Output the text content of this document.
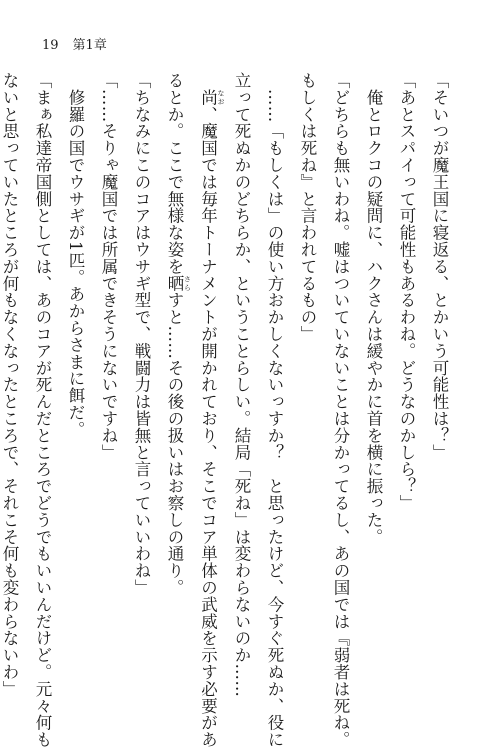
19 第1章
「そいつが魔王国に寝返る、とかいう可能性は？」
「あとスパイって可能性もあるわね。どうなのかしら？」
　俺とロクコの疑問に、ハクさんは緩やかに首を横に振った。
「どちらも無いわね。嘘はついていないことは分かってるし、あの国では『弱者は死ね。
もしくは死ね』と言われてるもの」
　……「もしくは」の使い方おかしくないっすか？　と思ったけど、今すぐ死ぬか、役に
立って死ぬかのどちらか、ということらしい。結局「死ね」は変わらないのか……
　尚 なお、魔国では毎年トーナメントが開かれており、そこでコア単体の武威を示す必要があ
るとか。ここで無様な姿を晒 さらすと……その後の扱いはお察しの通り。
「ちなみにこのコアはウサギ型で、戦闘力は皆無と言っていいわね」
「……そりゃ魔国では所属できそうにないですね」
　修羅の国でウサギが1匹。あからさまに餌だ。
「まぁ私達帝国側としては、あのコアが死んだところでどうでもいいんだけど。元々何も
ないと思っていたところが何もなくなったところで、それこそ何も変わらないわ」
